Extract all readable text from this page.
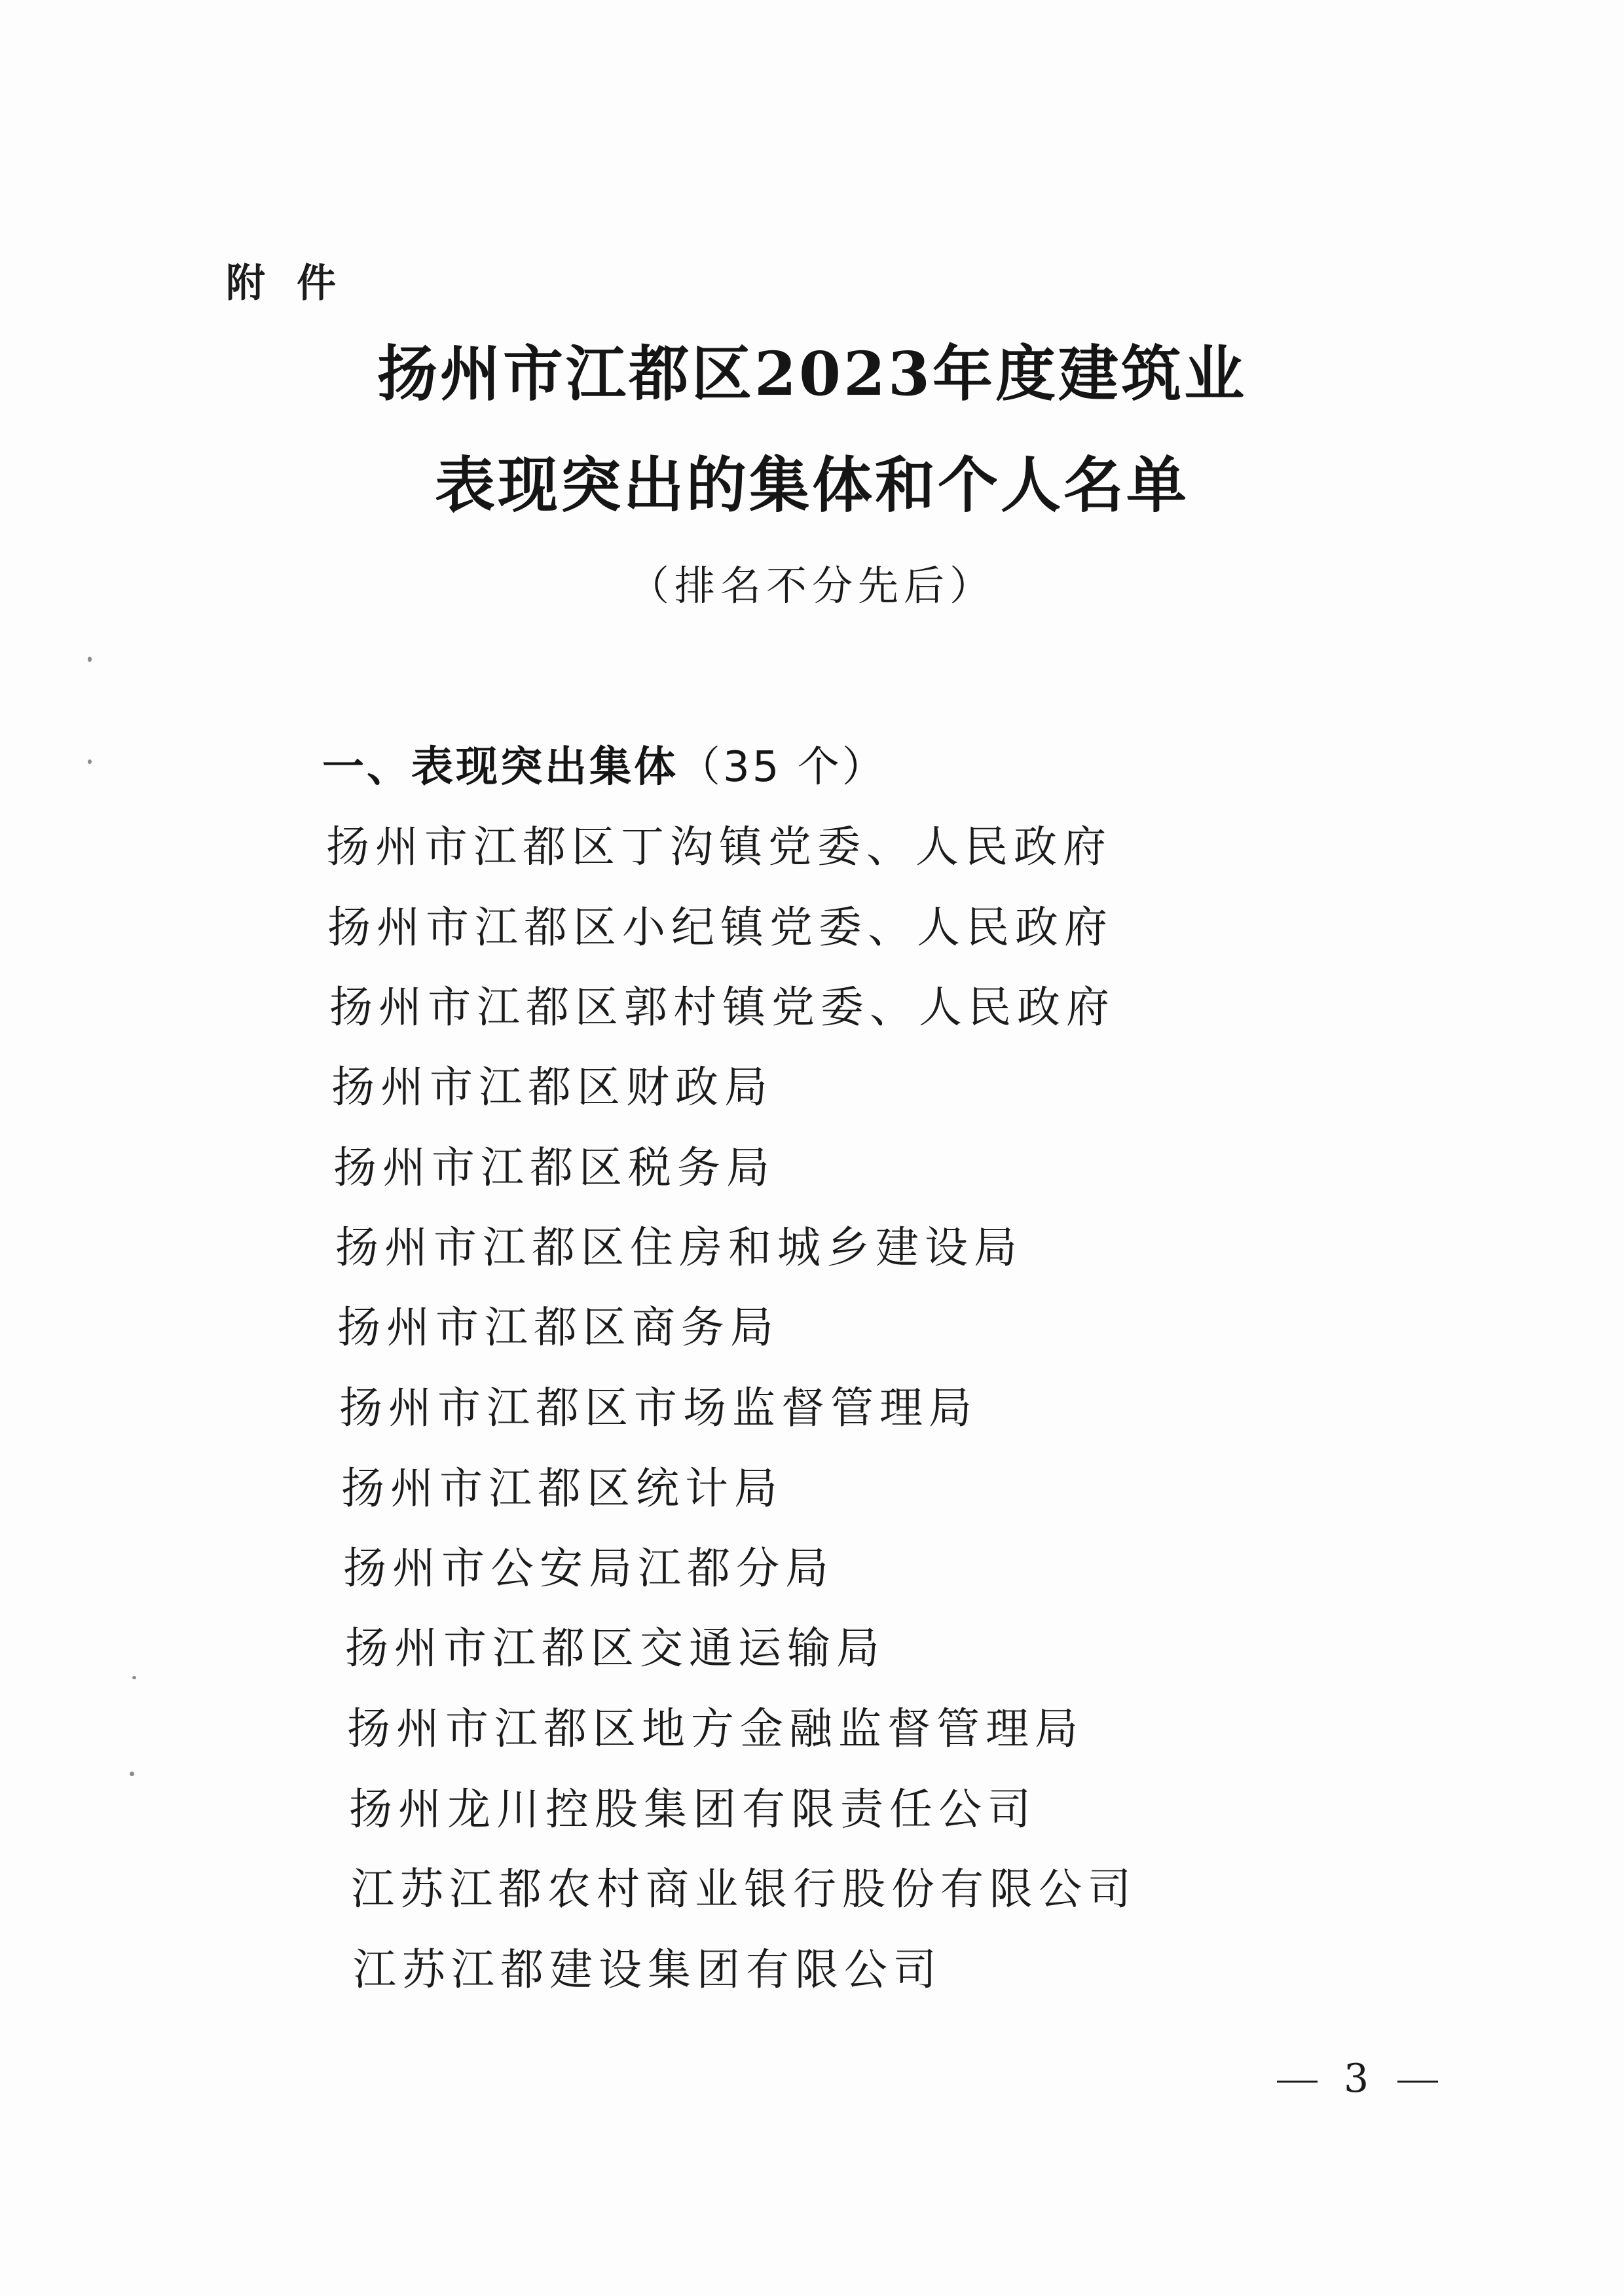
附件
扬州市江都区2023年度建筑业
表现突出的集体和个人名单
（排名不分先后）
一、表现突出集体（35 个）
扬州市江都区丁沟镇党委、人民政府
扬州市江都区小纪镇党委、人民政府
扬州市江都区郭村镇党委、人民政府
扬州市江都区财政局
扬州市江都区税务局
扬州市江都区住房和城乡建设局
扬州市江都区商务局
扬州市江都区市场监督管理局
扬州市江都区统计局
扬州市公安局江都分局
扬州市江都区交通运输局
扬州市江都区地方金融监督管理局
扬州龙川控股集团有限责任公司
江苏江都农村商业银行股份有限公司
江苏江都建设集团有限公司
3
